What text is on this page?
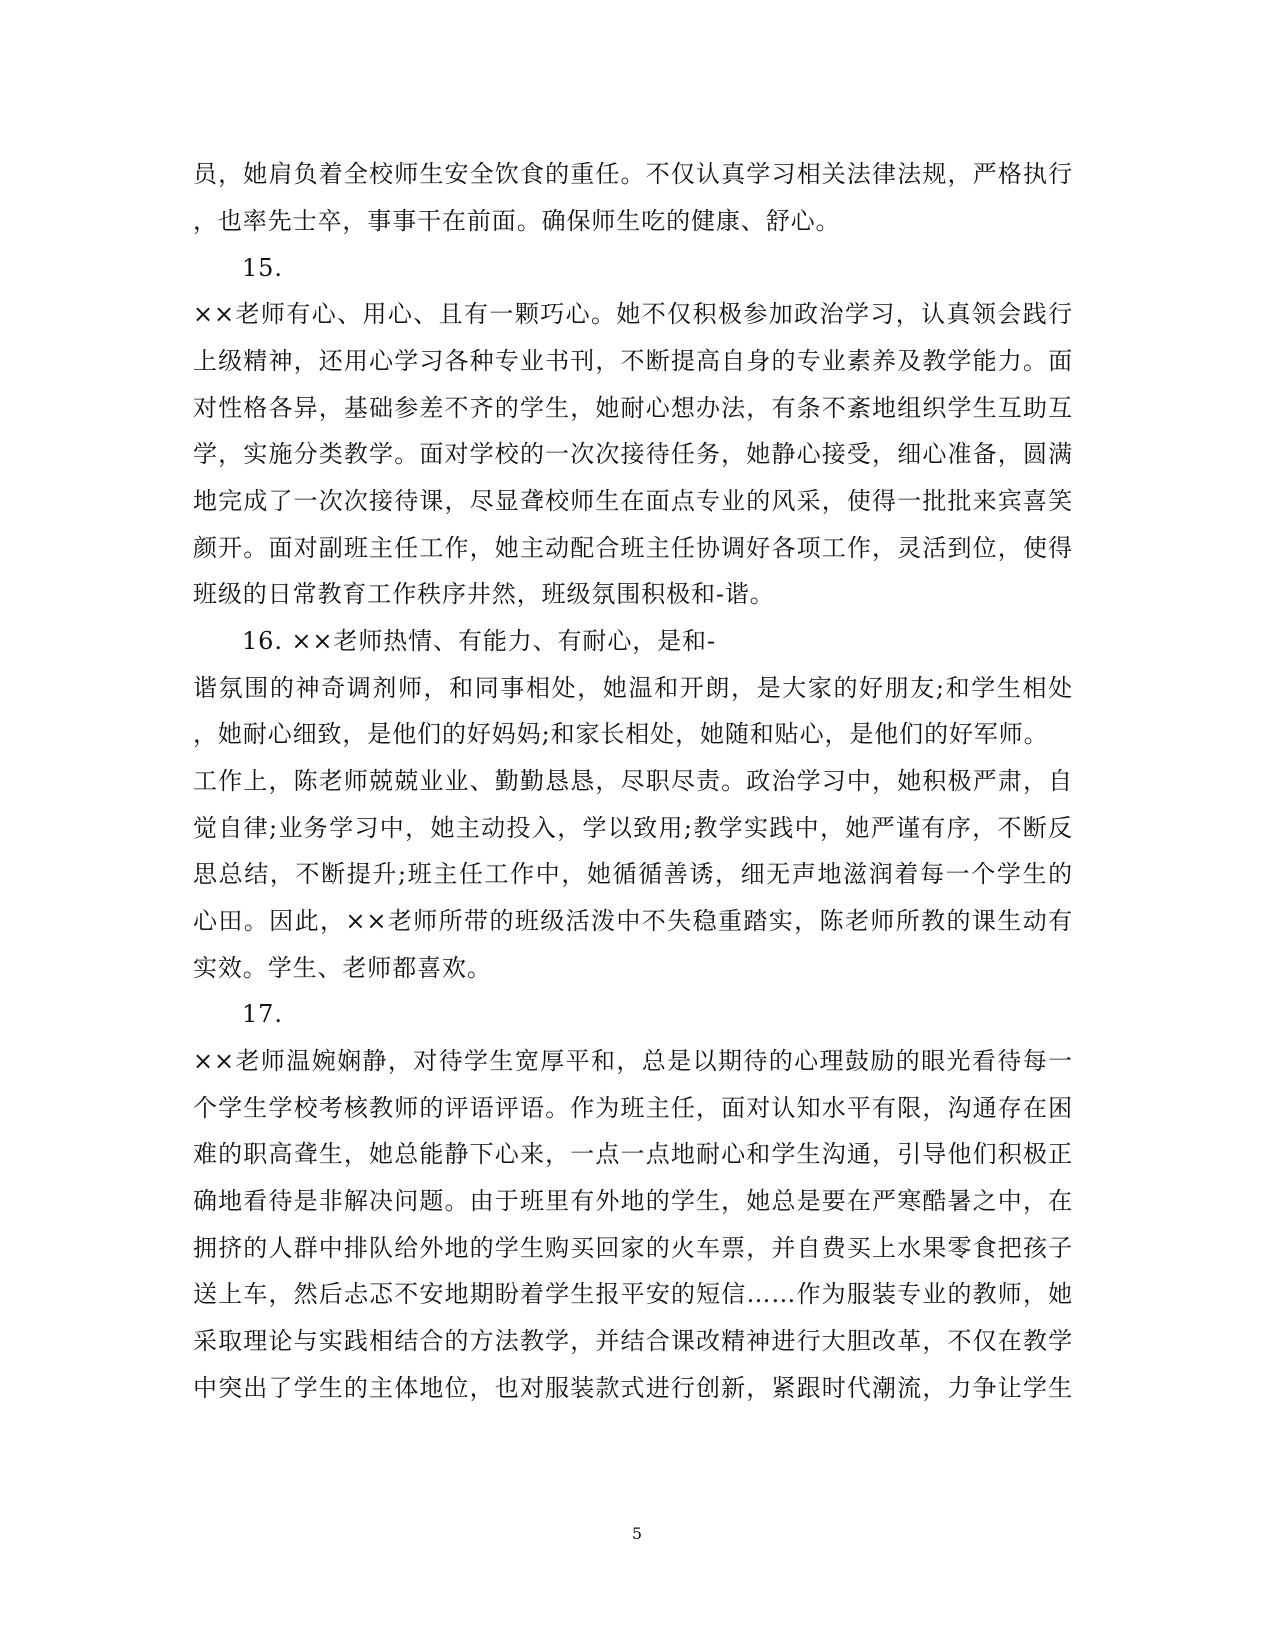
员，她肩负着全校师生安全饮食的重任。不仅认真学习相关法律法规，严格执行
，也率先士卒，事事干在前面。确保师生吃的健康、舒心。
15.
××老师有心、用心、且有一颗巧心。她不仅积极参加政治学习，认真领会践行
上级精神，还用心学习各种专业书刊，不断提高自身的专业素养及教学能力。面
对性格各异，基础参差不齐的学生，她耐心想办法，有条不紊地组织学生互助互
学，实施分类教学。面对学校的一次次接待任务，她静心接受，细心准备，圆满
地完成了一次次接待课，尽显聋校师生在面点专业的风采，使得一批批来宾喜笑
颜开。面对副班主任工作，她主动配合班主任协调好各项工作，灵活到位，使得
班级的日常教育工作秩序井然，班级氛围积极和-谐。
16. ××老师热情、有能力、有耐心，是和-
谐氛围的神奇调剂师，和同事相处，她温和开朗，是大家的好朋友;和学生相处
，她耐心细致，是他们的好妈妈;和家长相处，她随和贴心，是他们的好军师。
工作上，陈老师兢兢业业、勤勤恳恳，尽职尽责。政治学习中，她积极严肃，自
觉自律;业务学习中，她主动投入，学以致用;教学实践中，她严谨有序，不断反
思总结，不断提升;班主任工作中，她循循善诱，细无声地滋润着每一个学生的
心田。因此，××老师所带的班级活泼中不失稳重踏实，陈老师所教的课生动有
实效。学生、老师都喜欢。
17.
××老师温婉娴静，对待学生宽厚平和，总是以期待的心理鼓励的眼光看待每一
个学生学校考核教师的评语评语。作为班主任，面对认知水平有限，沟通存在困
难的职高聋生，她总能静下心来，一点一点地耐心和学生沟通，引导他们积极正
确地看待是非解决问题。由于班里有外地的学生，她总是要在严寒酷暑之中，在
拥挤的人群中排队给外地的学生购买回家的火车票，并自费买上水果零食把孩子
送上车，然后忐忑不安地期盼着学生报平安的短信……作为服装专业的教师，她
采取理论与实践相结合的方法教学，并结合课改精神进行大胆改革，不仅在教学
中突出了学生的主体地位，也对服装款式进行创新，紧跟时代潮流，力争让学生
5
